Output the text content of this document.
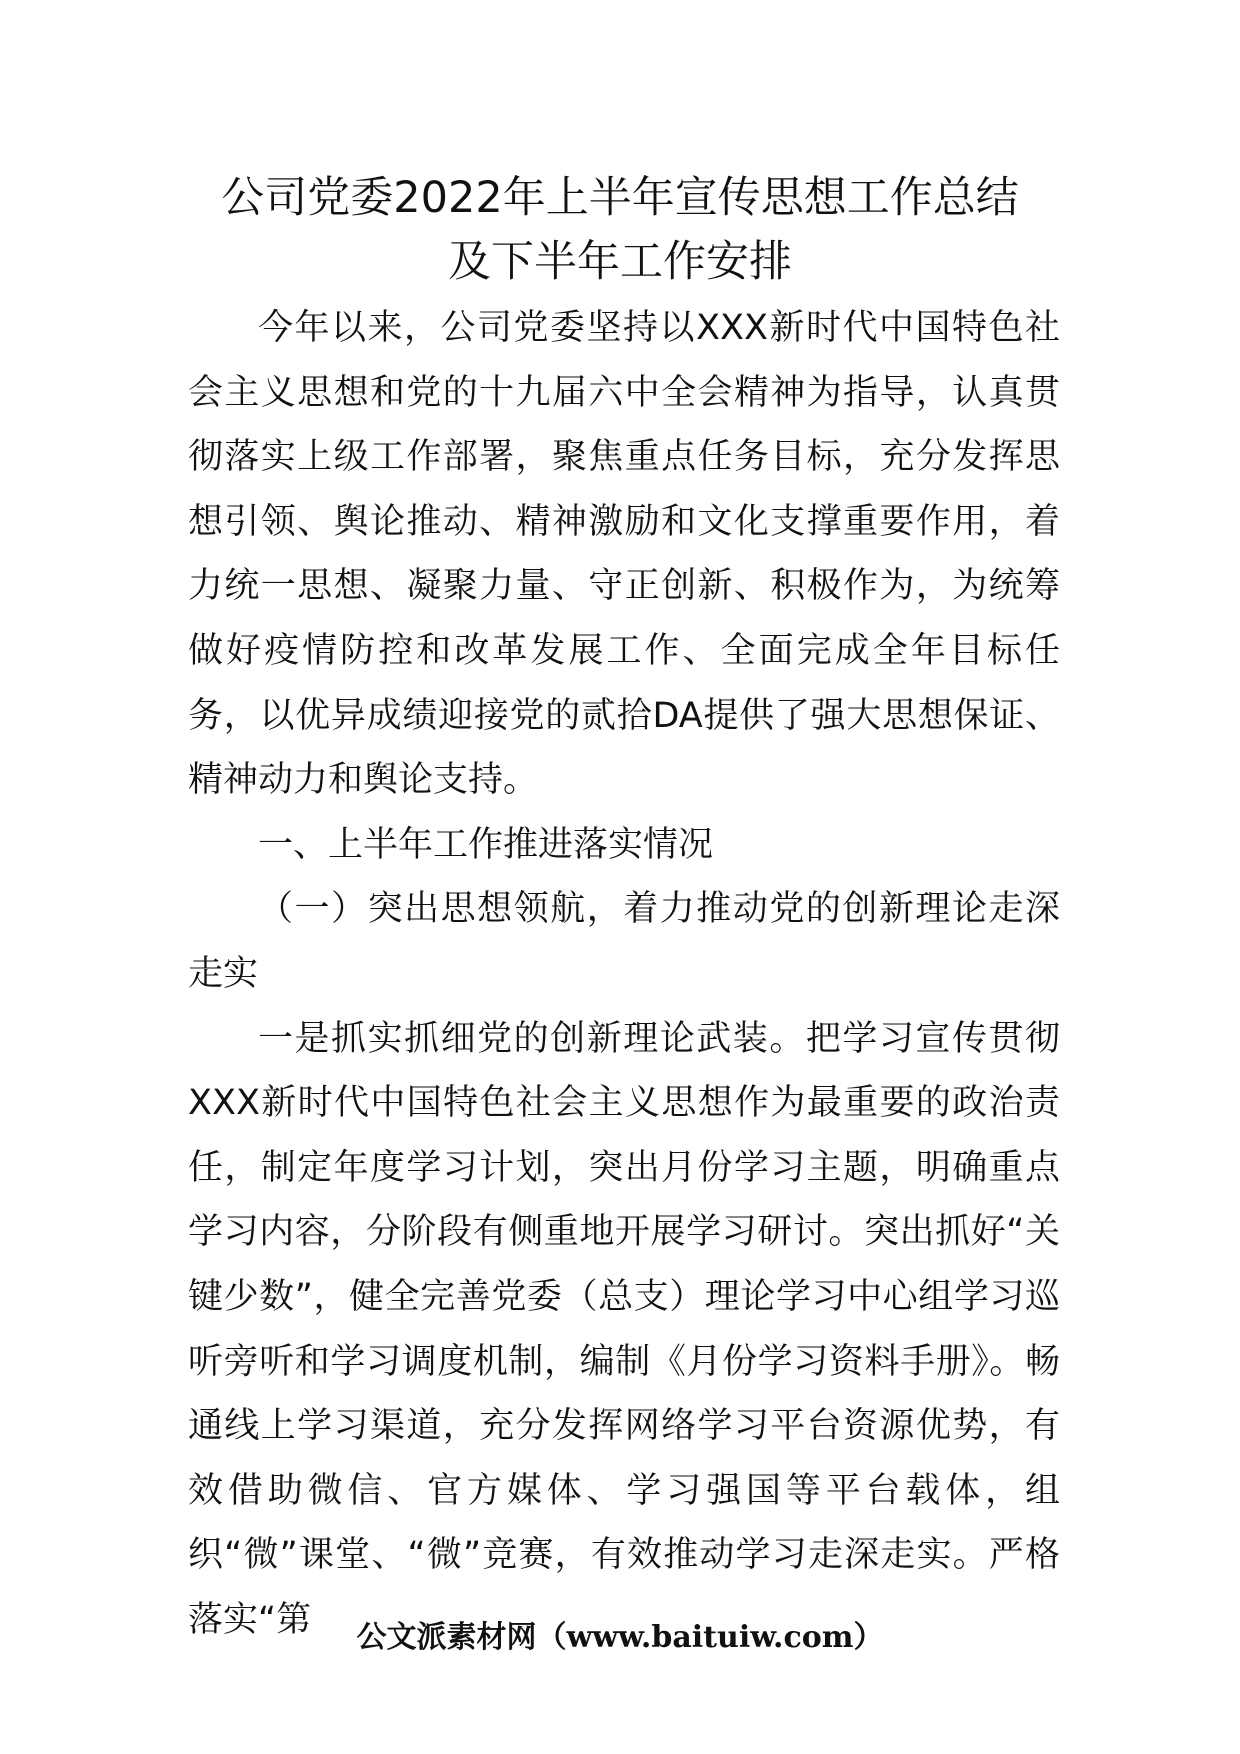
公司党委2022年上半年宣传思想工作总结
及下半年工作安排

今年以来，公司党委坚持以XXX新时代中国特色社会主义思想和党的十九届六中全会精神为指导，认真贯彻落实上级工作部署，聚焦重点任务目标，充分发挥思想引领、舆论推动、精神激励和文化支撑重要作用，着力统一思想、凝聚力量、守正创新、积极作为，为统筹做好疫情防控和改革发展工作、全面完成全年目标任务，以优异成绩迎接党的贰拾DA提供了强大思想保证、精神动力和舆论支持。

一、上半年工作推进落实情况

（一）突出思想领航，着力推动党的创新理论走深走实

一是抓实抓细党的创新理论武装。把学习宣传贯彻XXX新时代中国特色社会主义思想作为最重要的政治责任，制定年度学习计划，突出月份学习主题，明确重点学习内容，分阶段有侧重地开展学习研讨。突出抓好“关键少数”，健全完善党委（总支）理论学习中心组学习巡听旁听和学习调度机制，编制《月份学习资料手册》。畅通线上学习渠道，充分发挥网络学习平台资源优势，有效借助微信、官方媒体、学习强国等平台载体，组织“微”课堂、“微”竞赛，有效推动学习走深走实。严格落实“第	公文派素材网（www.baituiw.com）
